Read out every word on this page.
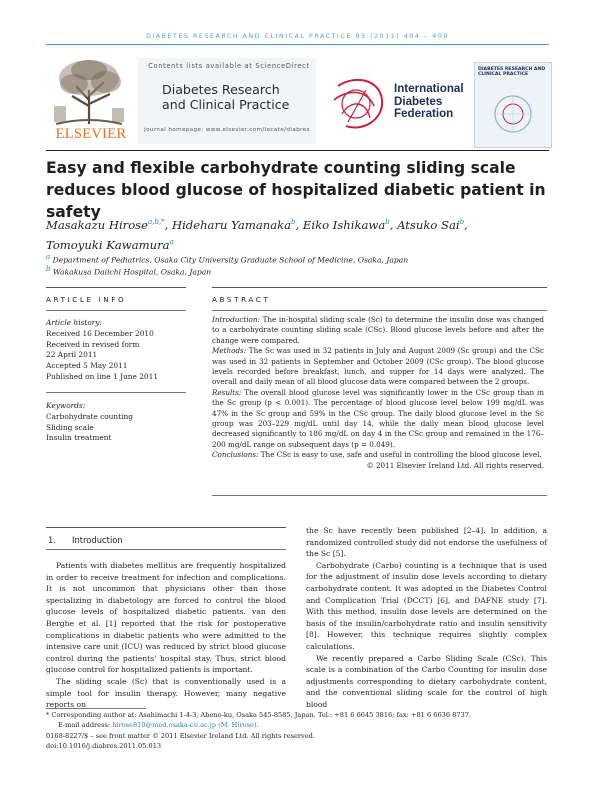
DIABETES RESEARCH AND CLINICAL PRACTICE 93 (2011) 404 – 409
ELSEVIER
Contents lists available at ScienceDirect
Diabetes Research
and Clinical Practice
journal homepage: www.elsevier.com/locate/diabres
International
Diabetes
Federation
DIABETES RESEARCH AND CLINICAL PRACTICE
Easy and flexible carbohydrate counting sliding scale reduces blood glucose of hospitalized diabetic patient in safety
Masakazu Hirose$^{a,b,*}$, Hideharu Yamanaka$^b$, Eiko Ishikawa$^b$, Atsuko Sai$^b$,
Tomoyuki Kawamura$^a$
$^a$ Department of Pediatrics, Osaka City University Graduate School of Medicine, Osaka, Japan
$^b$ Wakakusa Daiichi Hospital, Osaka, Japan
ARTICLE INFO
Article history:
Received 16 December 2010
Received in revised form
22 April 2011
Accepted 5 May 2011
Published on line 1 June 2011
Keywords:
Carbohydrate counting
Sliding scale
Insulin treatment
ABSTRACT

Introduction: The in-hospital sliding scale (Sc) to determine the insulin dose was changed to a carbohydrate counting sliding scale (CSc). Blood glucose levels before and after the change were compared.

Methods: The Sc was used in 32 patients in July and August 2009 (Sc group) and the CSc was used in 32 patients in September and October 2009 (CSc group). The blood glucose levels recorded before breakfast, lunch, and supper for 14 days were analyzed. The overall and daily mean of all blood glucose data were compared between the 2 groups.

Results: The overall blood glucose level was significantly lower in the CSc group than in the Sc group (p < 0.001). The percentage of blood glucose level below 199 mg/dL was 47% in the Sc group and 59% in the CSc group. The daily blood glucose level in the Sc group was 203–229 mg/dL until day 14, while the daily mean blood glucose level decreased significantly to 186 mg/dL on day 4 in the CSc group and remained in the 176–200 mg/dL range on subsequent days (p = 0.049).

Conclusions: The CSc is easy to use, safe and useful in controlling the blood glucose level.

© 2011 Elsevier Ireland Ltd. All rights reserved.

1. Introduction

Patients with diabetes mellitus are frequently hospitalized in order to receive treatment for infection and complications. It is not uncommon that physicians other than those specializing in diabetology are forced to control the blood glucose levels of hospitalized diabetic patients. van den Berghe et al. [1] reported that the risk for postoperative complications in diabetic patients who were admitted to the intensive care unit (ICU) was reduced by strict blood glucose control during the patients' hospital stay. Thus, strict blood glucose control for hospitalized patients is important.

The sliding scale (Sc) that is conventionally used is a simple tool for insulin therapy. However, many negative reports on

the Sc have recently been published [2–4]. In addition, a randomized controlled study did not endorse the usefulness of the Sc [5].

Carbohydrate (Carbo) counting is a technique that is used for the adjustment of insulin dose levels according to dietary carbohydrate content. It was adopted in the Diabetes Control and Complication Trial (DCCT) [6], and DAFNE study [7]. With this method, insulin dose levels are determined on the basis of the insulin/carbohydrate ratio and insulin sensitivity [8]. However, this technique requires slightly complex calculations.

We recently prepared a Carbo Sliding Scale (CSc). This scale is a combination of the Carbo Counting for insulin dose adjustments corresponding to dietary carbohydrate content, and the conventional sliding scale for the control of high blood

* Corresponding author at: Asahimachi 1-4-3, Abeno-ku, Osaka 545-8585, Japan. Tel.: +81 6 6645 3816; fax: +81 6 6636 8737.
E-mail address: hirose810@med.osaka-cu.ac.jp (M. Hirose).
0168-8227/$ – see front matter © 2011 Elsevier Ireland Ltd. All rights reserved.
doi:10.1016/j.diabres.2011.05.013
